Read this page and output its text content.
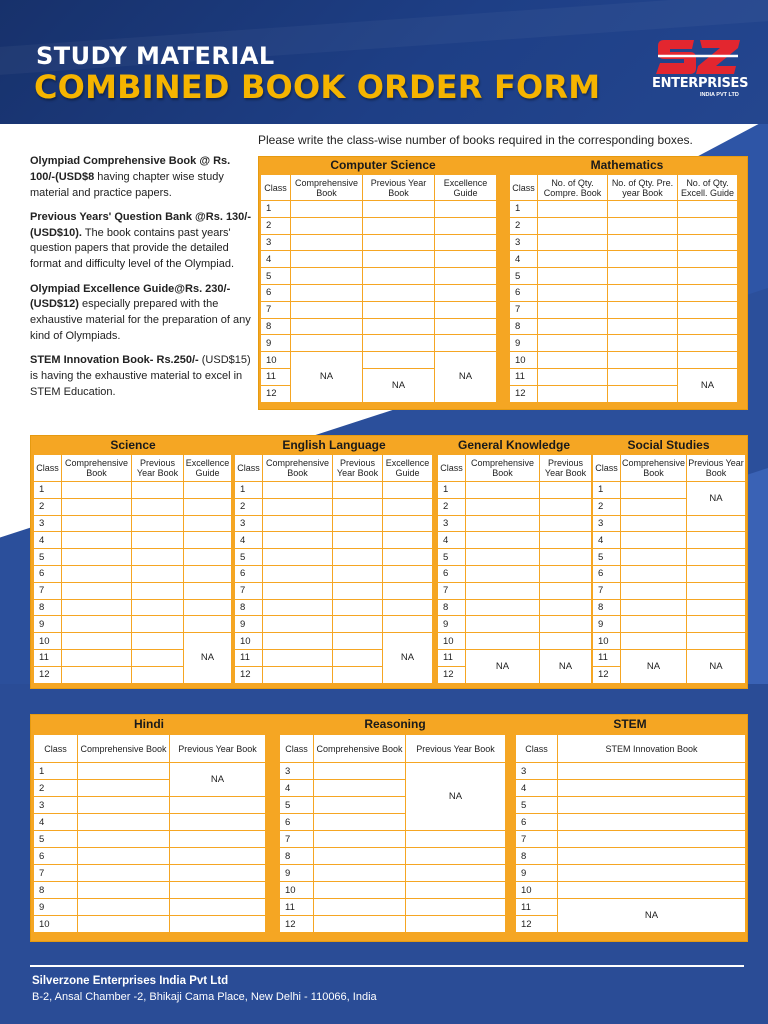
STUDY MATERIAL
COMBINED BOOK ORDER FORM	ENTERPRISES
INDIA PVT LTD
Please write the class-wise number of books required in the corresponding boxes.

Olympiad Comprehensive Book @ Rs. 100/-(USD$8 having chapter wise study material and practice papers.

Previous Years' Question Bank @Rs. 130/- (USD$10). The book contains past years' question papers that provide the detailed format and difficulty level of the Olympiad.

Olympiad Excellence Guide@Rs. 230/- (USD$12) especially prepared with the exhaustive material for the preparation of any kind of Olympiads.

STEM Innovation Book- Rs.250/- (USD$15) is having the exhaustive material to excel in STEM Education.

Computer Science
Class	Comprehensive Book	Previous Year Book	Excellence Guide
1			
2			
3			
4			
5			
6			
7			
8			
9			
10	NA		NA
11		NA	
12			
Mathematics
Class	No. of Qty. Compre. Book	No. of Qty. Pre. year Book	No. of Qty. Excell. Guide
1			
2			
3			
4			
5			
6			
7			
8			
9			
10			
11			NA
12			
Science
Class	Comprehensive Book	Previous Year Book	Excellence Guide
1			
2			
3			
4			
5			
6			
7			
8			
9			
10			NA
11			
12			
English Language
Class	Comprehensive Book	Previous Year Book	Excellence Guide
1			
2			
3			
4			
5			
6			
7			
8			
9			
10			NA
11			
12			
General Knowledge
Class	Comprehensive Book	Previous Year Book
1		
2		
3		
4		
5		
6		
7		
8		
9		
10		
11	NA	NA
12		
Social Studies
Class	Comprehensive Book	Previous Year Book
1		NA
2		
3		
4		
5		
6		
7		
8		
9		
10		
11	NA	NA
12		
Hindi
Class	Comprehensive Book	Previous Year Book
1		NA
2		
3		
4		
5		
6		
7		
8		
9		
10		
Reasoning
Class	Comprehensive Book	Previous Year Book
3		NA
4		
5		
6		
7		
8		
9		
10		
11		
12		
STEM
Class	STEM Innovation Book
3	
4	
5	
6	
7	
8	
9	
10	
11	NA
12	
Silverzone Enterprises India Pvt Ltd
B-2, Ansal Chamber -2, Bhikaji Cama Place, New Delhi - 110066, India
